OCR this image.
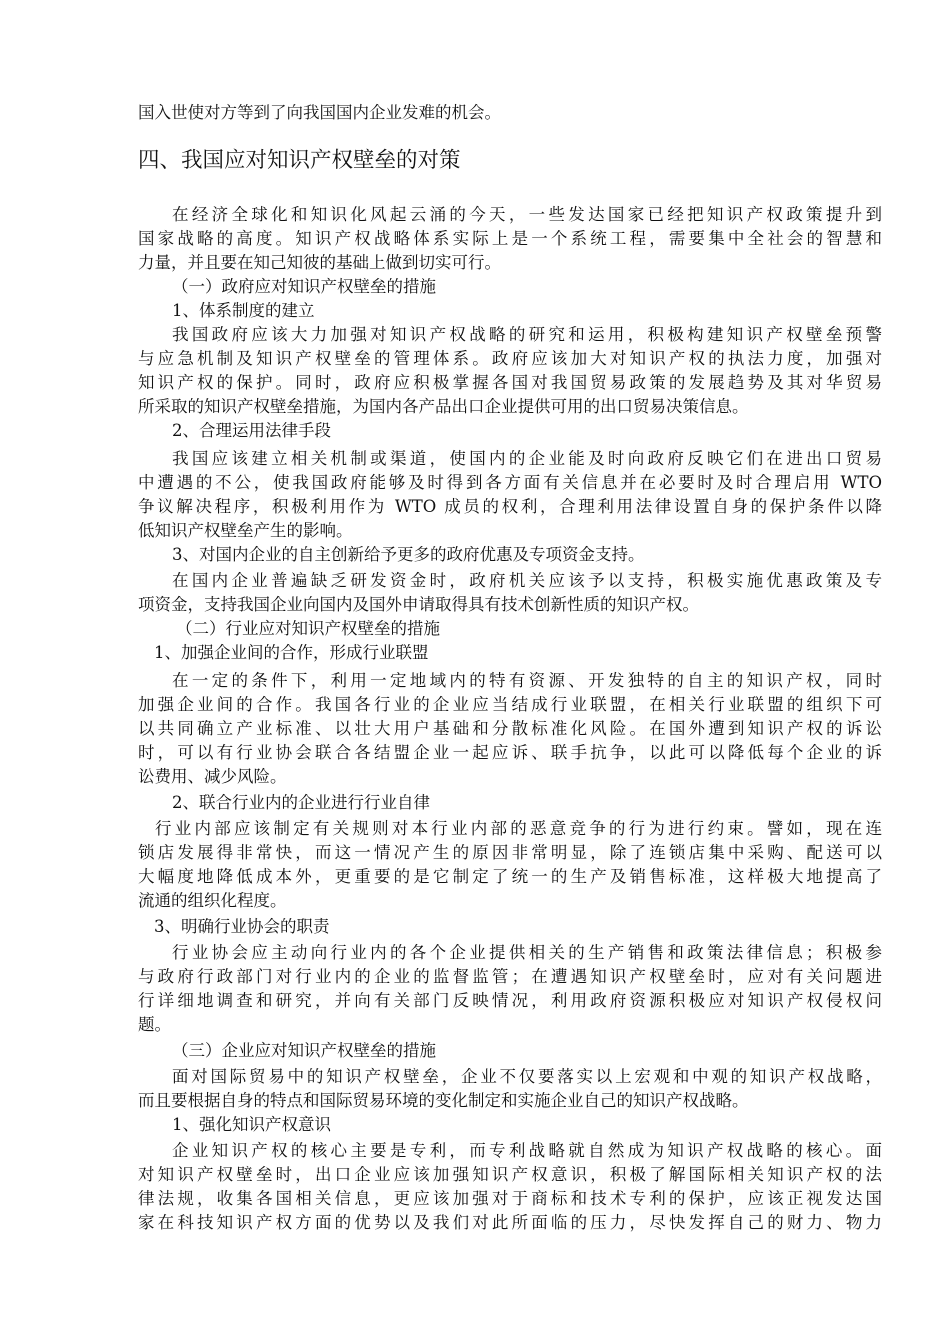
国入世使对方等到了向我国国内企业发难的机会。
四、我国应对知识产权壁垒的对策
在经济全球化和知识化风起云涌的今天，一些发达国家已经把知识产权政策提升到
国家战略的高度。知识产权战略体系实际上是一个系统工程，需要集中全社会的智慧和
力量，并且要在知己知彼的基础上做到切实可行。
（一）政府应对知识产权壁垒的措施
1、体系制度的建立
我国政府应该大力加强对知识产权战略的研究和运用，积极构建知识产权壁垒预警
与应急机制及知识产权壁垒的管理体系。政府应该加大对知识产权的执法力度，加强对
知识产权的保护。同时，政府应积极掌握各国对我国贸易政策的发展趋势及其对华贸易
所采取的知识产权壁垒措施，为国内各产品出口企业提供可用的出口贸易决策信息。
2、合理运用法律手段
我国应该建立相关机制或渠道，使国内的企业能及时向政府反映它们在进出口贸易
中遭遇的不公，使我国政府能够及时得到各方面有关信息并在必要时及时合理启用 WTO
争议解决程序，积极利用作为 WTO 成员的权利，合理利用法律设置自身的保护条件以降
低知识产权壁垒产生的影响。
3、对国内企业的自主创新给予更多的政府优惠及专项资金支持。
在国内企业普遍缺乏研发资金时，政府机关应该予以支持，积极实施优惠政策及专
项资金，支持我国企业向国内及国外申请取得具有技术创新性质的知识产权。
（二）行业应对知识产权壁垒的措施
1、加强企业间的合作，形成行业联盟
在一定的条件下，利用一定地域内的特有资源、开发独特的自主的知识产权，同时
加强企业间的合作。我国各行业的企业应当结成行业联盟，在相关行业联盟的组织下可
以共同确立产业标准、以壮大用户基础和分散标准化风险。在国外遭到知识产权的诉讼
时，可以有行业协会联合各结盟企业一起应诉、联手抗争，以此可以降低每个企业的诉
讼费用、减少风险。
2、联合行业内的企业进行行业自律
行业内部应该制定有关规则对本行业内部的恶意竞争的行为进行约束。譬如，现在连
锁店发展得非常快，而这一情况产生的原因非常明显，除了连锁店集中采购、配送可以
大幅度地降低成本外，更重要的是它制定了统一的生产及销售标准，这样极大地提高了
流通的组织化程度。
3、明确行业协会的职责
行业协会应主动向行业内的各个企业提供相关的生产销售和政策法律信息；积极参
与政府行政部门对行业内的企业的监督监管；在遭遇知识产权壁垒时，应对有关问题进
行详细地调查和研究，并向有关部门反映情况，利用政府资源积极应对知识产权侵权问
题。
（三）企业应对知识产权壁垒的措施
面对国际贸易中的知识产权壁垒，企业不仅要落实以上宏观和中观的知识产权战略，
而且要根据自身的特点和国际贸易环境的变化制定和实施企业自己的知识产权战略。
1、强化知识产权意识
企业知识产权的核心主要是专利，而专利战略就自然成为知识产权战略的核心。面
对知识产权壁垒时，出口企业应该加强知识产权意识，积极了解国际相关知识产权的法
律法规，收集各国相关信息，更应该加强对于商标和技术专利的保护，应该正视发达国
家在科技知识产权方面的优势以及我们对此所面临的压力，尽快发挥自己的财力、物力
